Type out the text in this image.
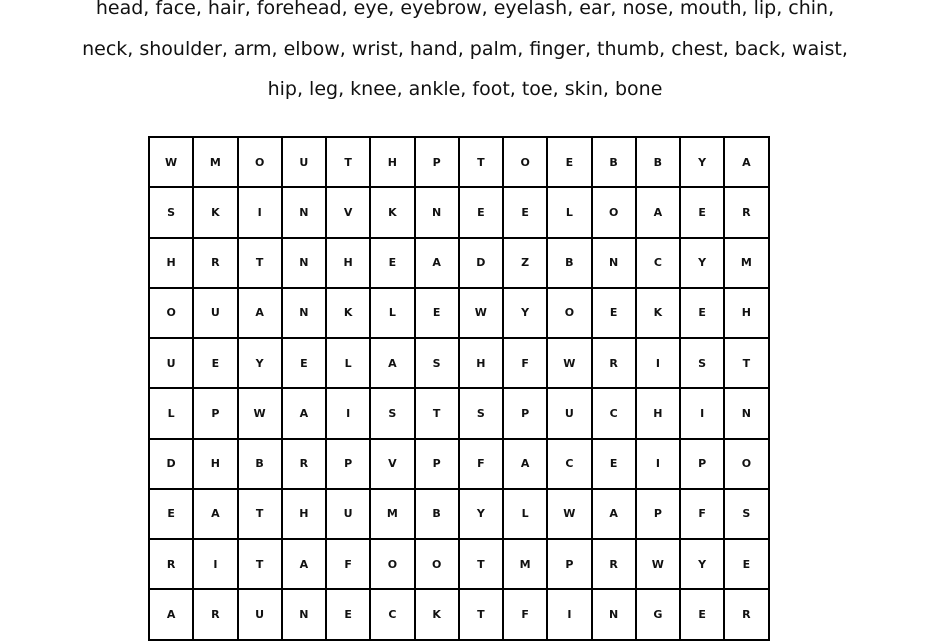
head, face, hair, forehead, eye, eyebrow, eyelash, ear, nose, mouth, lip, chin,
neck, shoulder, arm, elbow, wrist, hand, palm, finger, thumb, chest, back, waist,
hip, leg, knee, ankle, foot, toe, skin, bone
W	M	O	U	T	H	P	T	O	E	B	B	Y	A
S	K	I	N	V	K	N	E	E	L	O	A	E	R
H	R	T	N	H	E	A	D	Z	B	N	C	Y	M
O	U	A	N	K	L	E	W	Y	O	E	K	E	H
U	E	Y	E	L	A	S	H	F	W	R	I	S	T
L	P	W	A	I	S	T	S	P	U	C	H	I	N
D	H	B	R	P	V	P	F	A	C	E	I	P	O
E	A	T	H	U	M	B	Y	L	W	A	P	F	S
R	I	T	A	F	O	O	T	M	P	R	W	Y	E
A	R	U	N	E	C	K	T	F	I	N	G	E	R
